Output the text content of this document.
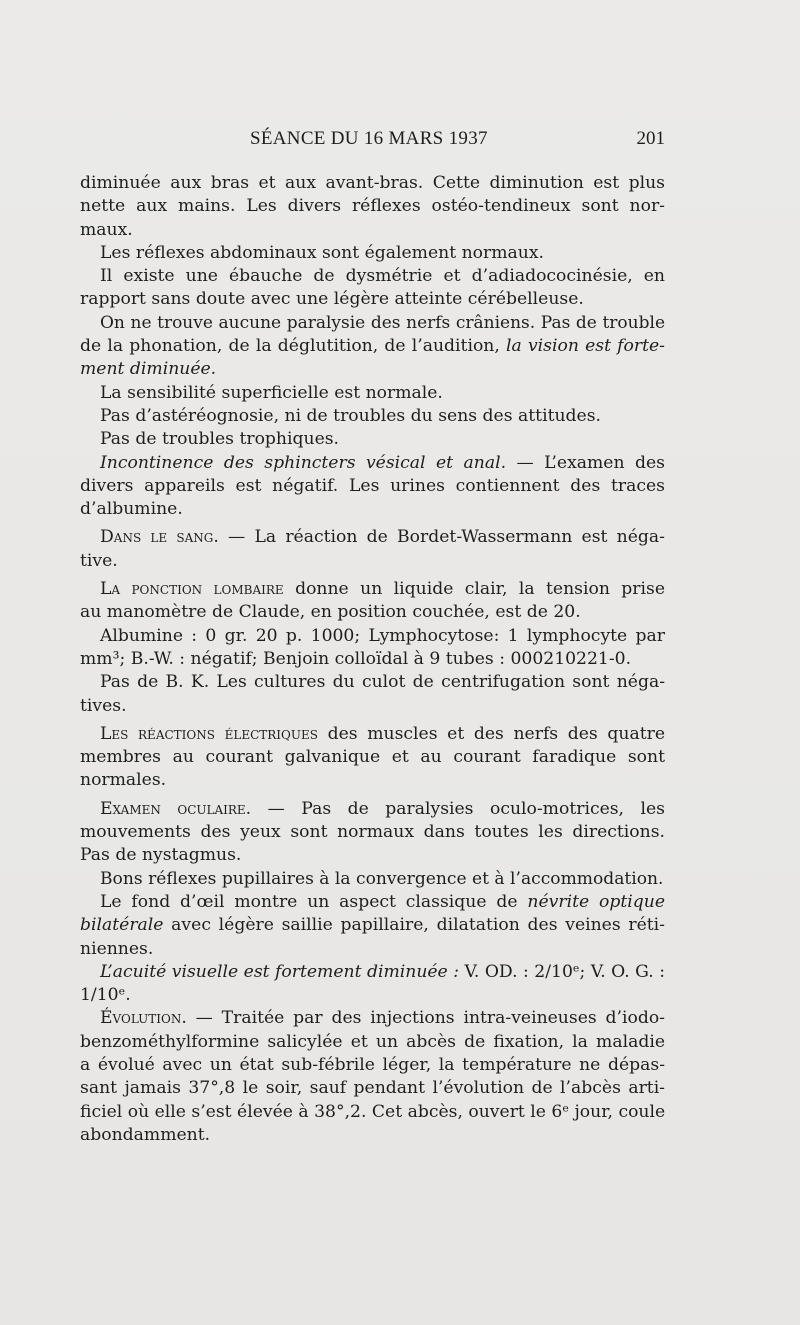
SÉANCE DU 16 MARS 1937	201
diminuée aux bras et aux avant-bras. Cette diminution est plus
nette aux mains. Les divers réflexes ostéo-tendineux sont nor-
maux.
Les réflexes abdominaux sont également normaux.
Il existe une ébauche de dysmétrie et d’adiadococinésie, en
rapport sans doute avec une légère atteinte cérébelleuse.
On ne trouve aucune paralysie des nerfs crâniens. Pas de trouble
de la phonation, de la déglutition, de l’audition, la vision est forte-
ment diminuée.
La sensibilité superficielle est normale.
Pas d’astéréognosie, ni de troubles du sens des attitudes.
Pas de troubles trophiques.
Incontinence des sphincters vésical et anal. — L’examen des
divers appareils est négatif. Les urines contiennent des traces
d’albumine.
Dans le sang. — La réaction de Bordet-Wassermann est néga-
tive.
La ponction lombaire donne un liquide clair, la tension prise
au manomètre de Claude, en position couchée, est de 20.
Albumine : 0 gr. 20 p. 1000; Lymphocytose: 1 lymphocyte par
mm³; B.-W. : négatif; Benjoin colloïdal à 9 tubes : 000210221-0.
Pas de B. K. Les cultures du culot de centrifugation sont néga-
tives.
Les réactions électriques des muscles et des nerfs des quatre
membres au courant galvanique et au courant faradique sont
normales.
Examen oculaire. — Pas de paralysies oculo-motrices, les
mouvements des yeux sont normaux dans toutes les directions.
Pas de nystagmus.
Bons réflexes pupillaires à la convergence et à l’accommodation.
Le fond d’œil montre un aspect classique de névrite optique
bilatérale avec légère saillie papillaire, dilatation des veines réti-
niennes.
L’acuité visuelle est fortement diminuée : V. OD. : 2/10ᵉ; V. O. G. :
1/10ᵉ.
Évolution. — Traitée par des injections intra-veineuses d’iodo-
benzométhylformine salicylée et un abcès de fixation, la maladie
a évolué avec un état sub-fébrile léger, la température ne dépas-
sant jamais 37°,8 le soir, sauf pendant l’évolution de l’abcès arti-
ficiel où elle s’est élevée à 38°,2. Cet abcès, ouvert le 6ᵉ jour, coule
abondamment.
